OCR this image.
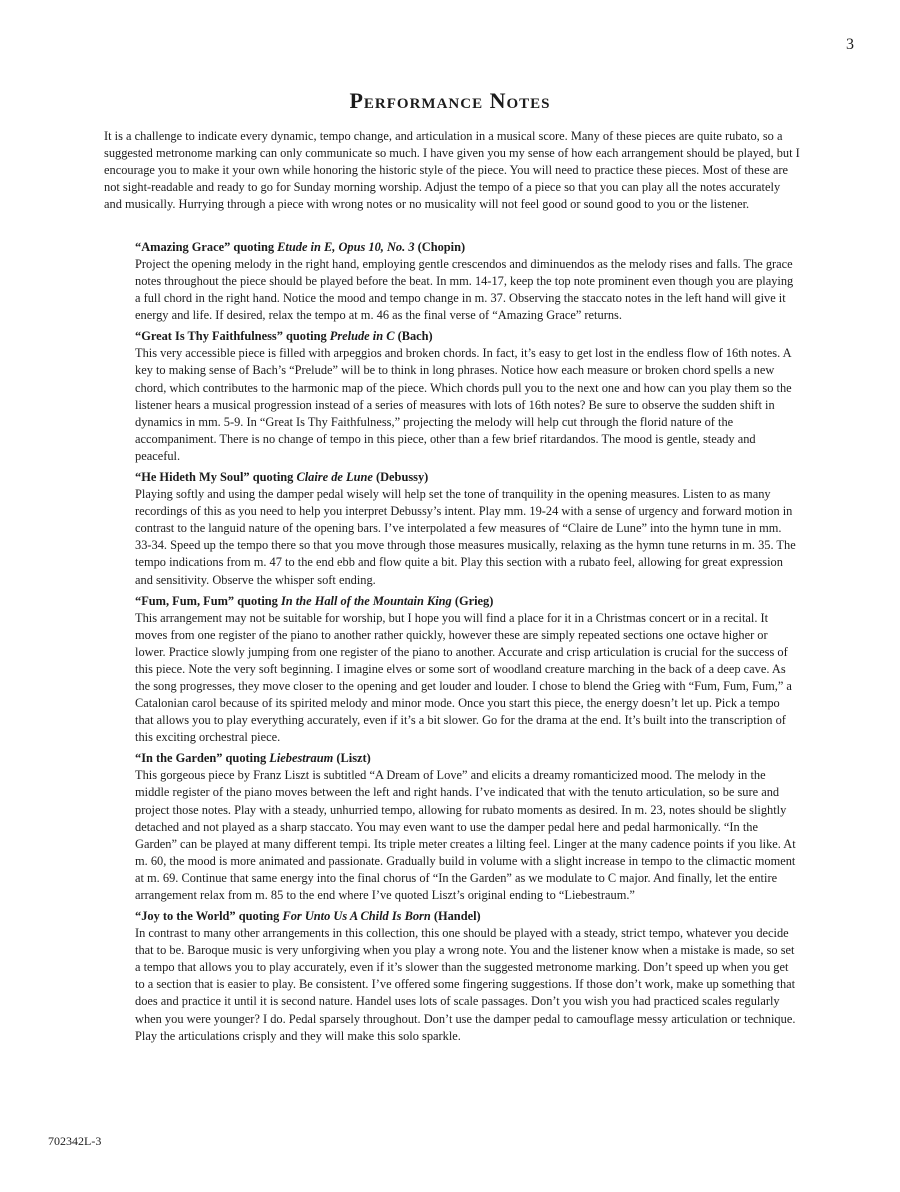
3
Performance Notes

It is a challenge to indicate every dynamic, tempo change, and articulation in a musical score. Many of these pieces are quite rubato, so a suggested metronome marking can only communicate so much. I have given you my sense of how each arrangement should be played, but I encourage you to make it your own while honoring the historic style of the piece. You will need to practice these pieces. Most of these are not sight-readable and ready to go for Sunday morning worship. Adjust the tempo of a piece so that you can play all the notes accurately and musically. Hurrying through a piece with wrong notes or no musicality will not feel good or sound good to you or the listener.

“Amazing Grace” quoting Etude in E, Opus 10, No. 3 (Chopin)

Project the opening melody in the right hand, employing gentle crescendos and diminuendos as the melody rises and falls. The grace notes throughout the piece should be played before the beat. In mm. 14-17, keep the top note prominent even though you are playing a full chord in the right hand. Notice the mood and tempo change in m. 37. Observing the staccato notes in the left hand will give it energy and life. If desired, relax the tempo at m. 46 as the final verse of “Amazing Grace” returns.

“Great Is Thy Faithfulness” quoting Prelude in C (Bach)

This very accessible piece is filled with arpeggios and broken chords. In fact, it’s easy to get lost in the endless flow of 16th notes. A key to making sense of Bach’s “Prelude” will be to think in long phrases. Notice how each measure or broken chord spells a new chord, which contributes to the harmonic map of the piece. Which chords pull you to the next one and how can you play them so the listener hears a musical progression instead of a series of measures with lots of 16th notes? Be sure to observe the sudden shift in dynamics in mm. 5-9. In “Great Is Thy Faithfulness,” projecting the melody will help cut through the florid nature of the accompaniment. There is no change of tempo in this piece, other than a few brief ritardandos. The mood is gentle, steady and peaceful.

“He Hideth My Soul” quoting Claire de Lune (Debussy)

Playing softly and using the damper pedal wisely will help set the tone of tranquility in the opening measures. Listen to as many recordings of this as you need to help you interpret Debussy’s intent. Play mm. 19-24 with a sense of urgency and forward motion in contrast to the languid nature of the opening bars. I’ve interpolated a few measures of “Claire de Lune” into the hymn tune in mm. 33-34. Speed up the tempo there so that you move through those measures musically, relaxing as the hymn tune returns in m. 35. The tempo indications from m. 47 to the end ebb and flow quite a bit. Play this section with a rubato feel, allowing for great expression and sensitivity. Observe the whisper soft ending.

“Fum, Fum, Fum” quoting In the Hall of the Mountain King (Grieg)

This arrangement may not be suitable for worship, but I hope you will find a place for it in a Christmas concert or in a recital. It moves from one register of the piano to another rather quickly, however these are simply repeated sections one octave higher or lower. Practice slowly jumping from one register of the piano to another. Accurate and crisp articulation is crucial for the success of this piece. Note the very soft beginning. I imagine elves or some sort of woodland creature marching in the back of a deep cave. As the song progresses, they move closer to the opening and get louder and louder. I chose to blend the Grieg with “Fum, Fum, Fum,” a Catalonian carol because of its spirited melody and minor mode. Once you start this piece, the energy doesn’t let up. Pick a tempo that allows you to play everything accurately, even if it’s a bit slower. Go for the drama at the end. It’s built into the transcription of this exciting orchestral piece.

“In the Garden” quoting Liebestraum (Liszt)

This gorgeous piece by Franz Liszt is subtitled “A Dream of Love” and elicits a dreamy romanticized mood. The melody in the middle register of the piano moves between the left and right hands. I’ve indicated that with the tenuto articulation, so be sure and project those notes. Play with a steady, unhurried tempo, allowing for rubato moments as desired. In m. 23, notes should be slightly detached and not played as a sharp staccato. You may even want to use the damper pedal here and pedal harmonically. “In the Garden” can be played at many different tempi. Its triple meter creates a lilting feel. Linger at the many cadence points if you like. At m. 60, the mood is more animated and passionate. Gradually build in volume with a slight increase in tempo to the climactic moment at m. 69. Continue that same energy into the final chorus of “In the Garden” as we modulate to C major. And finally, let the entire arrangement relax from m. 85 to the end where I’ve quoted Liszt’s original ending to “Liebestraum.”

“Joy to the World” quoting For Unto Us A Child Is Born (Handel)

In contrast to many other arrangements in this collection, this one should be played with a steady, strict tempo, whatever you decide that to be. Baroque music is very unforgiving when you play a wrong note. You and the listener know when a mistake is made, so set a tempo that allows you to play accurately, even if it’s slower than the suggested metronome marking. Don’t speed up when you get to a section that is easier to play. Be consistent. I’ve offered some fingering suggestions. If those don’t work, make up something that does and practice it until it is second nature. Handel uses lots of scale passages. Don’t you wish you had practiced scales regularly when you were younger? I do. Pedal sparsely throughout. Don’t use the damper pedal to camouflage messy articulation or technique. Play the articulations crisply and they will make this solo sparkle.

702342L-3
